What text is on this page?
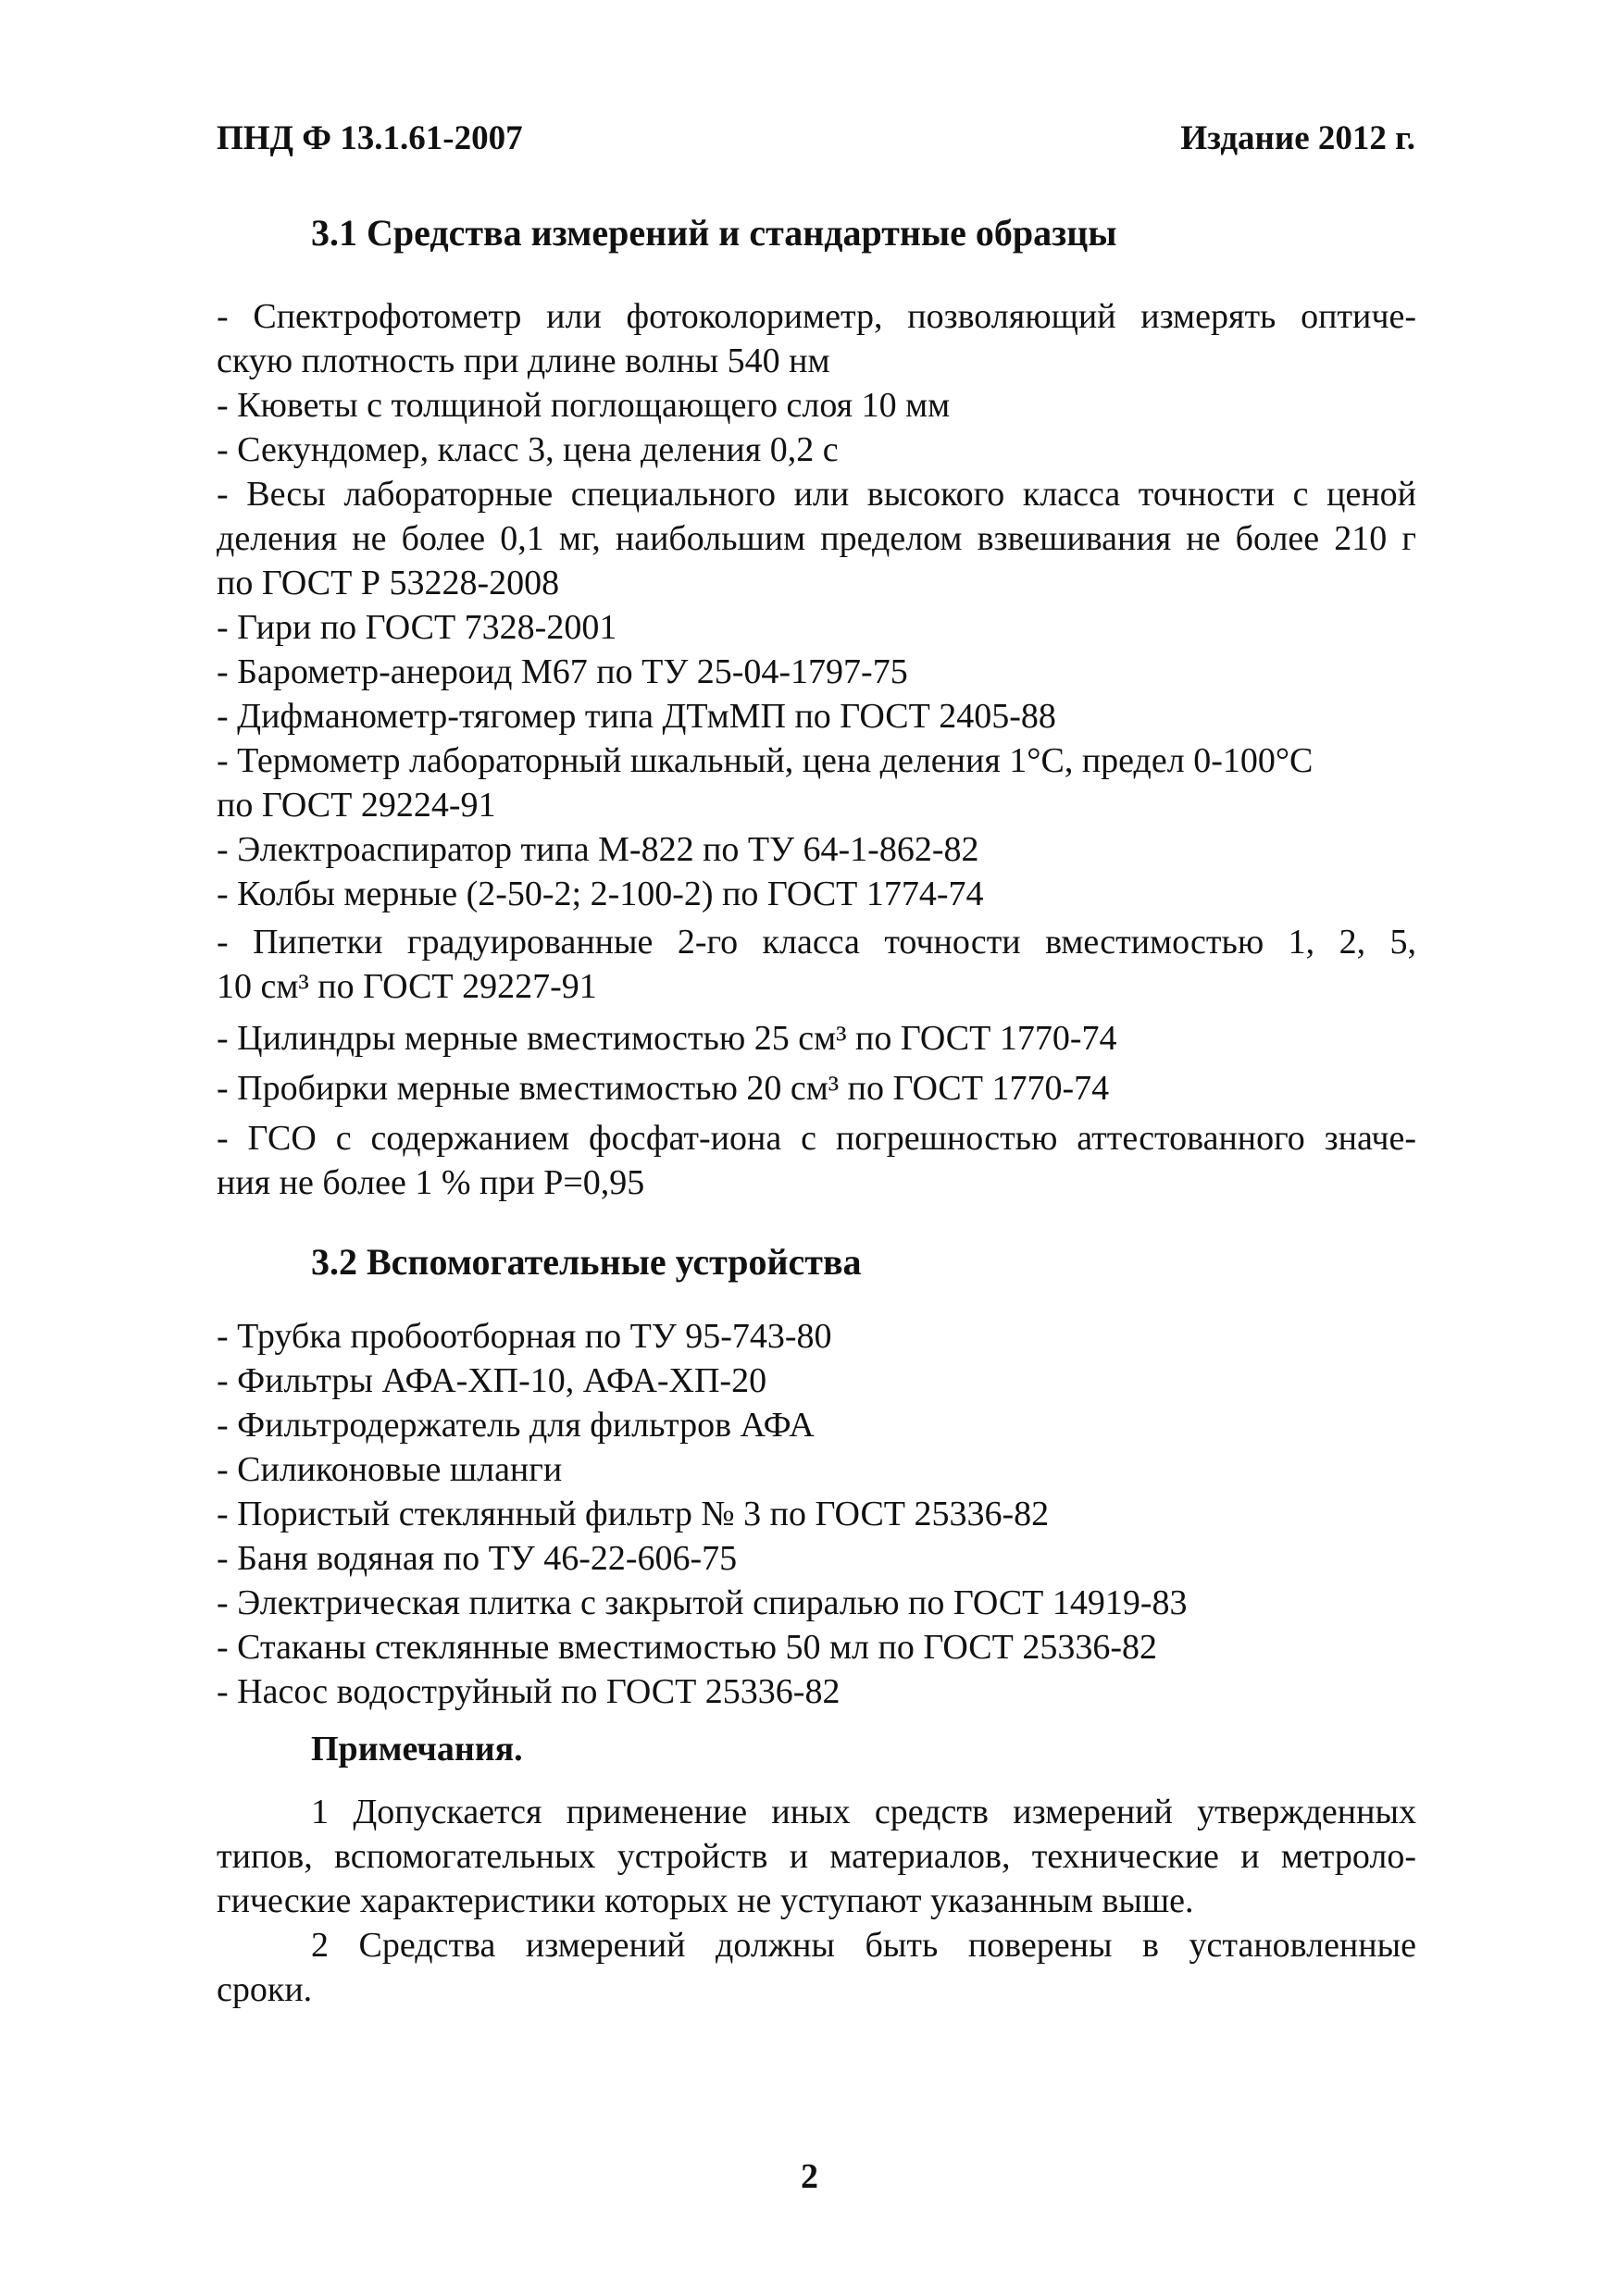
ПНД Ф 13.1.61-2007	Издание 2012 г.
3.1 Средства измерений и стандартные образцы
- Спектрофотометр или фотоколориметр, позволяющий измерять оптиче-
скую плотность при длине волны 540 нм
- Кюветы с толщиной поглощающего слоя 10 мм
- Секундомер, класс 3, цена деления 0,2 с
- Весы лабораторные специального или высокого класса точности с ценой
деления не более 0,1 мг, наибольшим пределом взвешивания не более 210 г
по ГОСТ Р 53228-2008
- Гири по ГОСТ 7328-2001
- Барометр-анероид М67 по ТУ 25-04-1797-75
- Дифманометр-тягомер типа ДТмМП по ГОСТ 2405-88
- Термометр лабораторный шкальный, цена деления 1°С, предел 0-100°С
по ГОСТ 29224-91
- Электроаспиратор типа М-822 по ТУ 64-1-862-82
- Колбы мерные (2-50-2; 2-100-2) по ГОСТ 1774-74
- Пипетки градуированные 2-го класса точности вместимостью 1, 2, 5,
10 см³ по ГОСТ 29227-91
- Цилиндры мерные вместимостью 25 см³ по ГОСТ 1770-74
- Пробирки мерные вместимостью 20 см³ по ГОСТ 1770-74
- ГСО с содержанием фосфат-иона с погрешностью аттестованного значе-
ния не более 1 % при Р=0,95
3.2 Вспомогательные устройства
- Трубка пробоотборная по ТУ 95-743-80
- Фильтры АФА-ХП-10, АФА-ХП-20
- Фильтродержатель для фильтров АФА
- Силиконовые шланги
- Пористый стеклянный фильтр № 3 по ГОСТ 25336-82
- Баня водяная по ТУ 46-22-606-75
- Электрическая плитка с закрытой спиралью по ГОСТ 14919-83
- Стаканы стеклянные вместимостью 50 мл по ГОСТ 25336-82
- Насос водоструйный по ГОСТ 25336-82
Примечания.
1 Допускается применение иных средств измерений утвержденных
типов, вспомогательных устройств и материалов, технические и метроло-
гические характеристики которых не уступают указанным выше.
2 Средства измерений должны быть поверены в установленные
сроки.
2
